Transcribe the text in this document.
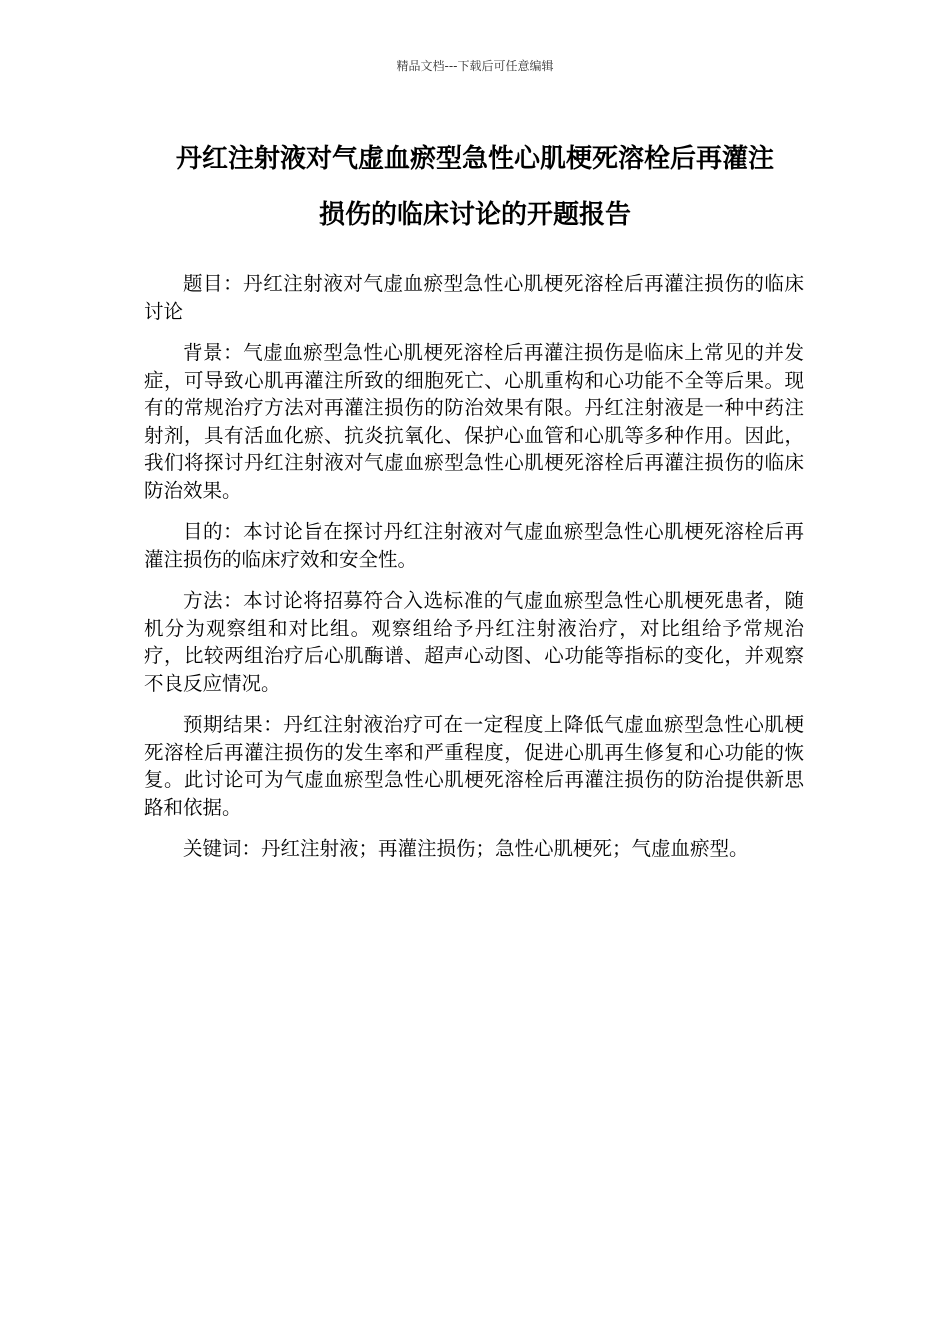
精品文档---下载后可任意编辑
丹红注射液对气虚血瘀型急性心肌梗死溶栓后再灌注
损伤的临床讨论的开题报告

题目：丹红注射液对气虚血瘀型急性心肌梗死溶栓后再灌注损伤的临床讨论

背景：气虚血瘀型急性心肌梗死溶栓后再灌注损伤是临床上常见的并发症，可导致心肌再灌注所致的细胞死亡、心肌重构和心功能不全等后果。现有的常规治疗方法对再灌注损伤的防治效果有限。丹红注射液是一种中药注射剂，具有活血化瘀、抗炎抗氧化、保护心血管和心肌等多种作用。因此，我们将探讨丹红注射液对气虚血瘀型急性心肌梗死溶栓后再灌注损伤的临床防治效果。

目的：本讨论旨在探讨丹红注射液对气虚血瘀型急性心肌梗死溶栓后再灌注损伤的临床疗效和安全性。

方法：本讨论将招募符合入选标准的气虚血瘀型急性心肌梗死患者，随机分为观察组和对比组。观察组给予丹红注射液治疗，对比组给予常规治疗，比较两组治疗后心肌酶谱、超声心动图、心功能等指标的变化，并观察不良反应情况。

预期结果：丹红注射液治疗可在一定程度上降低气虚血瘀型急性心肌梗死溶栓后再灌注损伤的发生率和严重程度，促进心肌再生修复和心功能的恢复。此讨论可为气虚血瘀型急性心肌梗死溶栓后再灌注损伤的防治提供新思路和依据。

关键词：丹红注射液；再灌注损伤；急性心肌梗死；气虚血瘀型。
